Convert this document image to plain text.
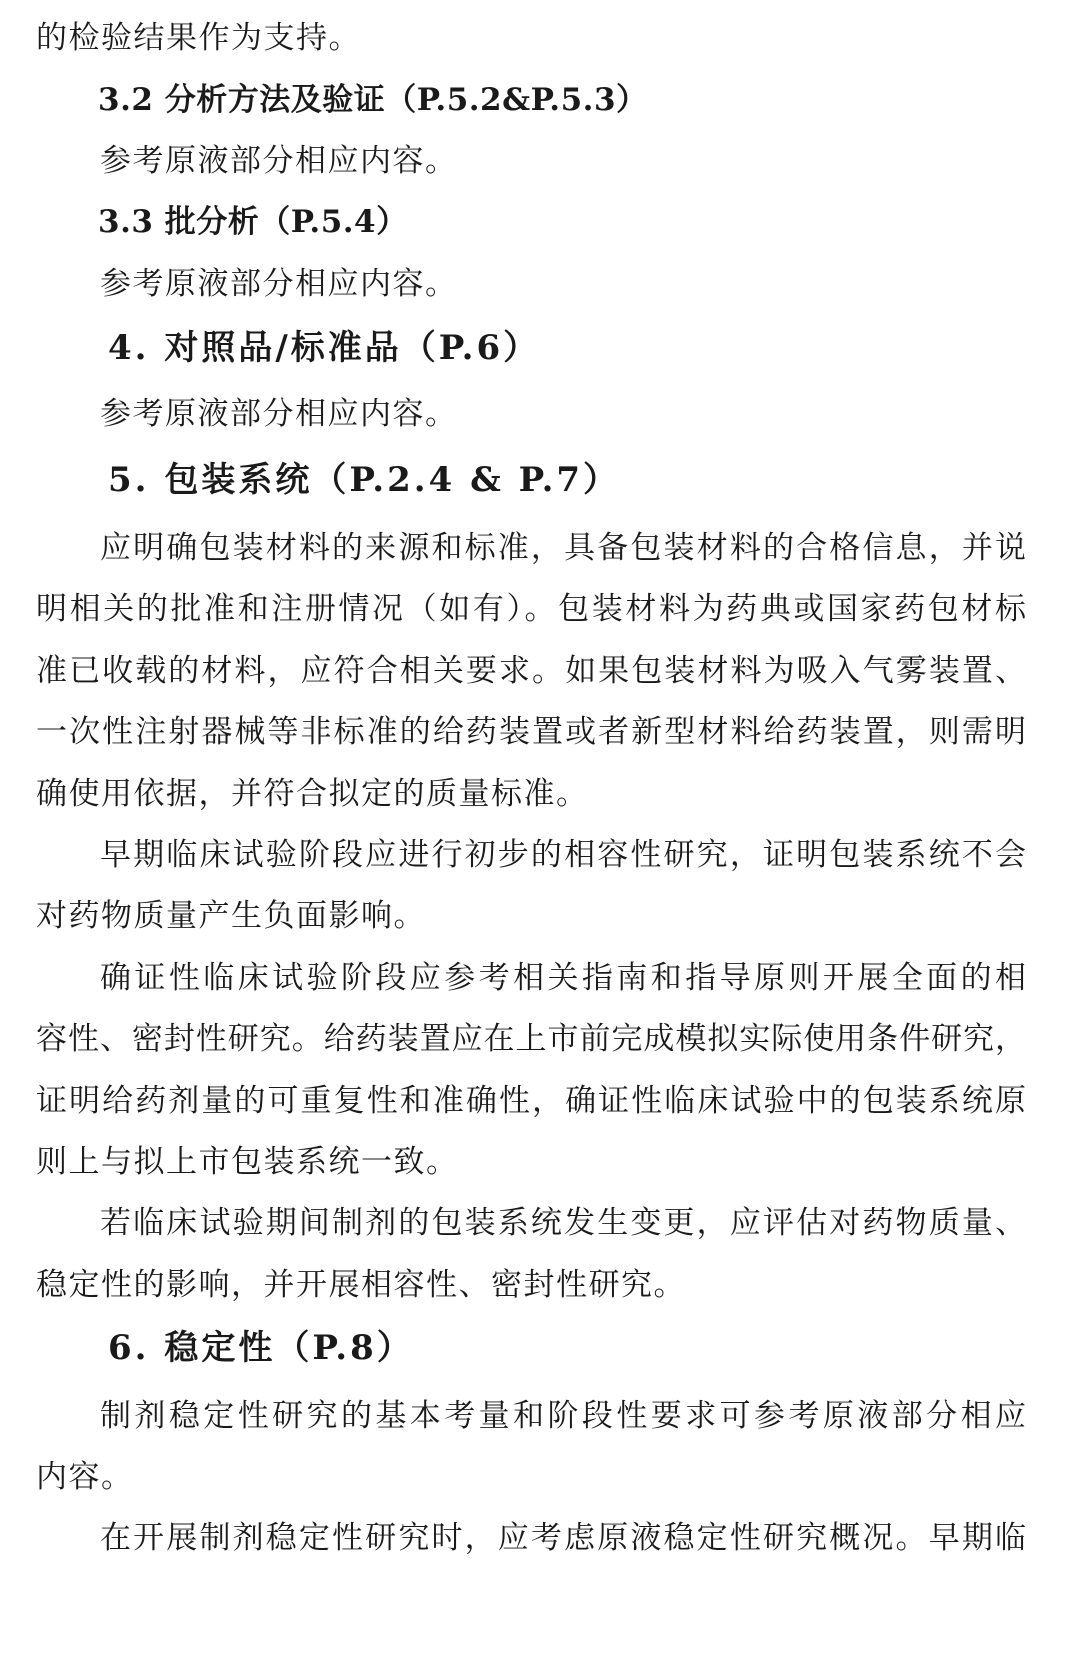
的检验结果作为支持。
3.2 分析方法及验证（P.5.2&P.5.3）
参考原液部分相应内容。
3.3 批分析（P.5.4）
参考原液部分相应内容。
4. 对照品/标准品（P.6）
参考原液部分相应内容。
5. 包装系统（P.2.4 & P.7）
应明确包装材料的来源和标准，具备包装材料的合格信息，并说
明相关的批准和注册情况（如有）。包装材料为药典或国家药包材标
准已收载的材料，应符合相关要求。如果包装材料为吸入气雾装置、
一次性注射器械等非标准的给药装置或者新型材料给药装置，则需明
确使用依据，并符合拟定的质量标准。
早期临床试验阶段应进行初步的相容性研究，证明包装系统不会
对药物质量产生负面影响。
确证性临床试验阶段应参考相关指南和指导原则开展全面的相
容性、密封性研究。给药装置应在上市前完成模拟实际使用条件研究，
证明给药剂量的可重复性和准确性，确证性临床试验中的包装系统原
则上与拟上市包装系统一致。
若临床试验期间制剂的包装系统发生变更，应评估对药物质量、
稳定性的影响，并开展相容性、密封性研究。
6. 稳定性（P.8）
制剂稳定性研究的基本考量和阶段性要求可参考原液部分相应
内容。
在开展制剂稳定性研究时，应考虑原液稳定性研究概况。早期临
